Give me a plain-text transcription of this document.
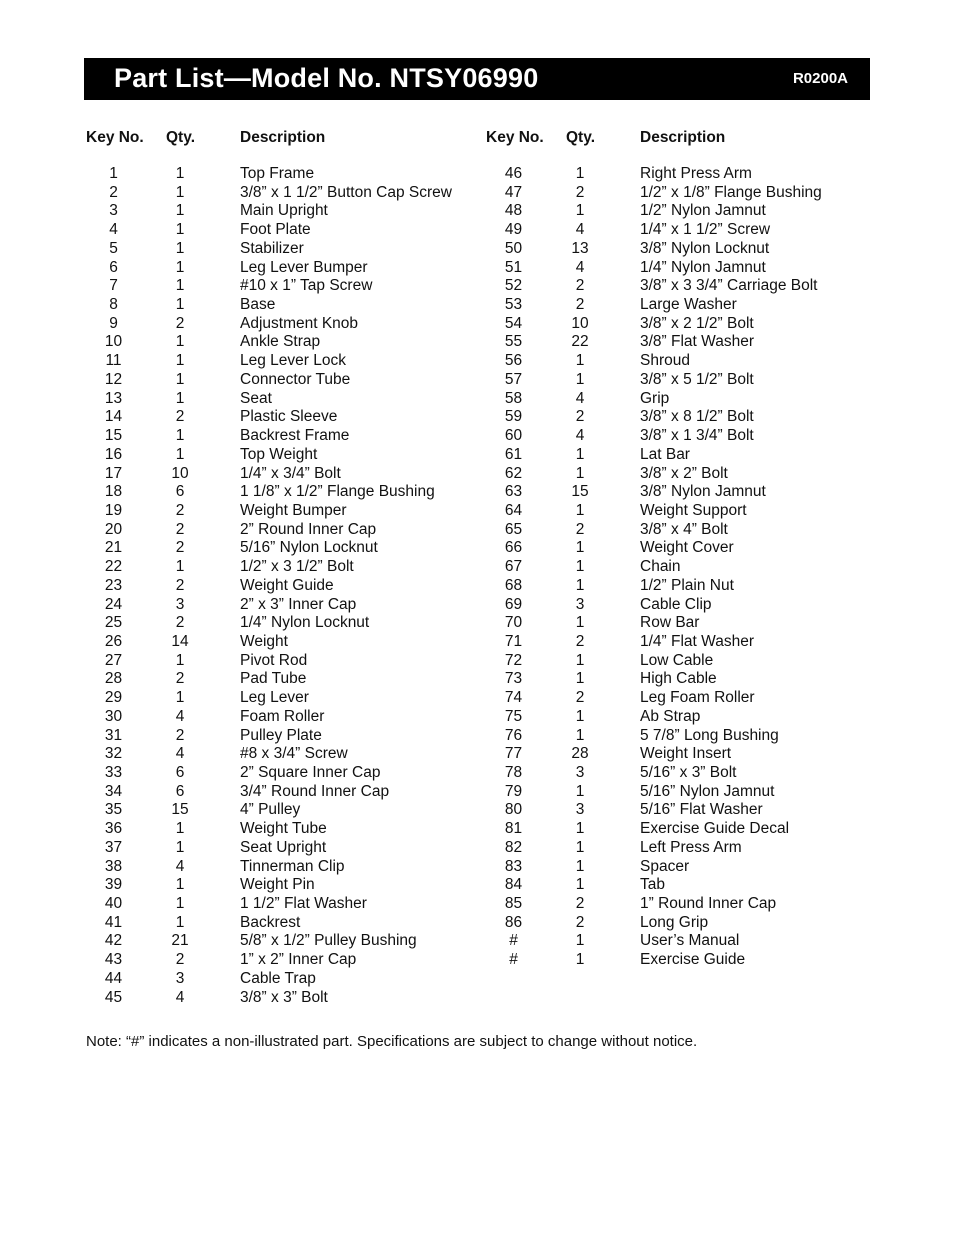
Part List—Model No. NTSY06990	R0200A
Key No. Qty.	Description
1	1	Top Frame
2	1	3/8” x 1 1/2” Button Cap Screw
3	1	Main Upright
4	1	Foot Plate
5	1	Stabilizer
6	1	Leg Lever Bumper
7	1	#10 x 1” Tap Screw
8	1	Base
9	2	Adjustment Knob
10	1	Ankle Strap
11	1	Leg Lever Lock
12	1	Connector Tube
13	1	Seat
14	2	Plastic Sleeve
15	1	Backrest Frame
16	1	Top Weight
17	10	1/4” x 3/4” Bolt
18	6	1 1/8” x 1/2” Flange Bushing
19	2	Weight Bumper
20	2	2” Round Inner Cap
21	2	5/16” Nylon Locknut
22	1	1/2” x 3 1/2” Bolt
23	2	Weight Guide
24	3	2” x 3” Inner Cap
25	2	1/4” Nylon Locknut
26	14	Weight
27	1	Pivot Rod
28	2	Pad Tube
29	1	Leg Lever
30	4	Foam Roller
31	2	Pulley Plate
32	4	#8 x 3/4” Screw
33	6	2” Square Inner Cap
34	6	3/4” Round Inner Cap
35	15	4” Pulley
36	1	Weight Tube
37	1	Seat Upright
38	4	Tinnerman Clip
39	1	Weight Pin
40	1	1 1/2” Flat Washer
41	1	Backrest
42	21	5/8” x 1/2” Pulley Bushing
43	2	1” x 2” Inner Cap
44	3	Cable Trap
45	4	3/8” x 3” Bolt
Key No. Qty.	Description
46	1	Right Press Arm
47	2	1/2” x 1/8” Flange Bushing
48	1	1/2” Nylon Jamnut
49	4	1/4” x 1 1/2” Screw
50	13	3/8” Nylon Locknut
51	4	1/4” Nylon Jamnut
52	2	3/8” x 3 3/4” Carriage Bolt
53	2	Large Washer
54	10	3/8” x 2 1/2” Bolt
55	22	3/8” Flat Washer
56	1	Shroud
57	1	3/8” x 5 1/2” Bolt
58	4	Grip
59	2	3/8” x 8 1/2” Bolt
60	4	3/8” x 1 3/4” Bolt
61	1	Lat Bar
62	1	3/8” x 2” Bolt
63	15	3/8” Nylon Jamnut
64	1	Weight Support
65	2	3/8” x 4” Bolt
66	1	Weight Cover
67	1	Chain
68	1	1/2” Plain Nut
69	3	Cable Clip
70	1	Row Bar
71	2	1/4” Flat Washer
72	1	Low Cable
73	1	High Cable
74	2	Leg Foam Roller
75	1	Ab Strap
76	1	5 7/8” Long Bushing
77	28	Weight Insert
78	3	5/16” x 3” Bolt
79	1	5/16” Nylon Jamnut
80	3	5/16” Flat Washer
81	1	Exercise Guide Decal
82	1	Left Press Arm
83	1	Spacer
84	1	Tab
85	2	1” Round Inner Cap
86	2	Long Grip
#	1	User’s Manual
#	1	Exercise Guide
Note: “#” indicates a non-illustrated part. Specifications are subject to change without notice.
